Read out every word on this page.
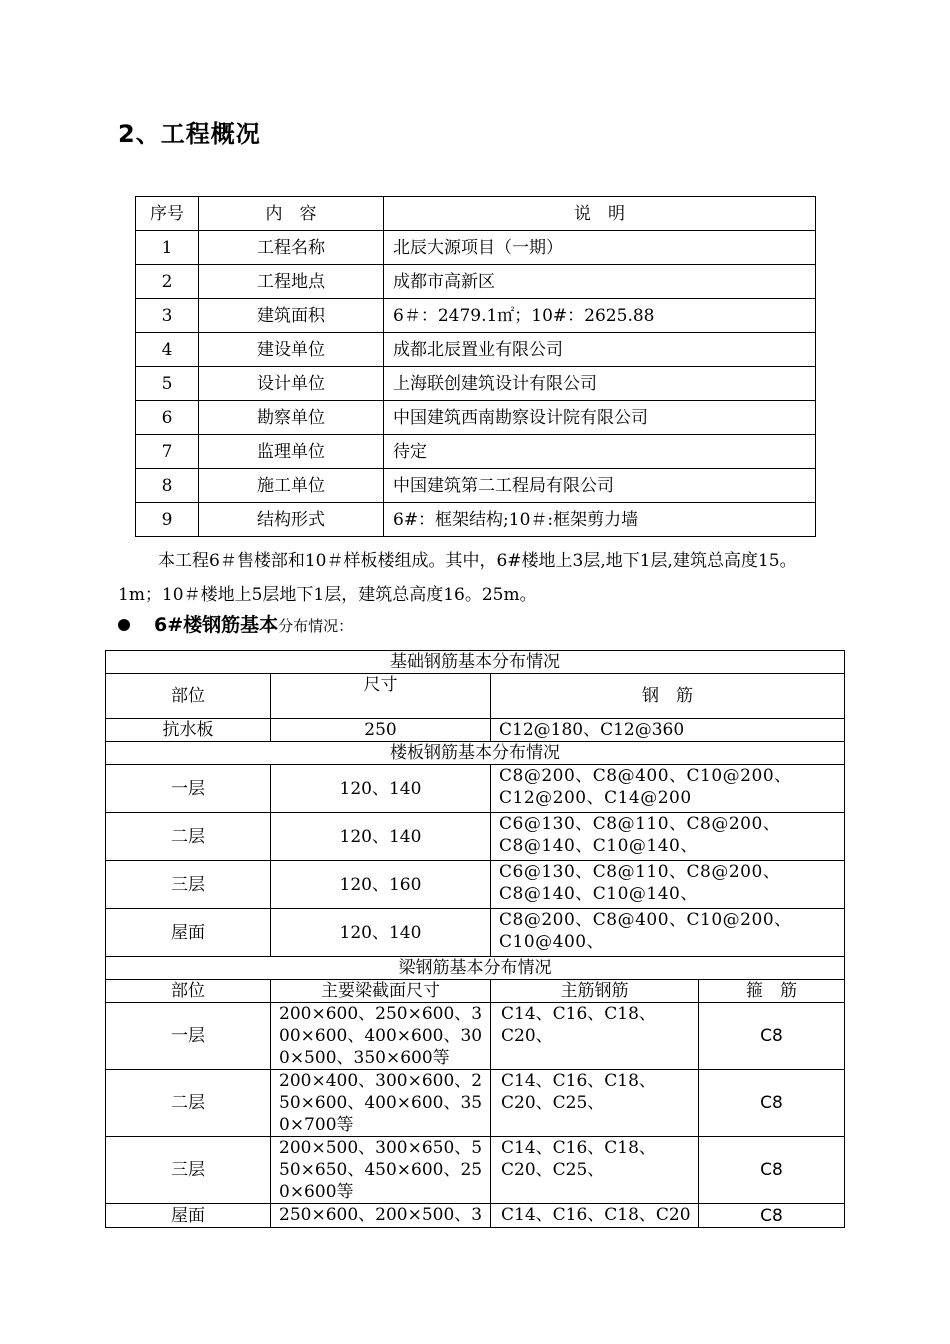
2、工程概况
序号	内　容	说　明
1	工程名称	北辰大源项目（一期）
2	工程地点	成都市高新区
3	建筑面积	6＃：2479.1㎡；10#：2625.88
4	建设单位	成都北辰置业有限公司
5	设计单位	上海联创建筑设计有限公司
6	勘察单位	中国建筑西南勘察设计院有限公司
7	监理单位	待定
8	施工单位	中国建筑第二工程局有限公司
9	结构形式	6#：框架结构;10＃:框架剪力墙

本工程6＃售楼部和10＃样板楼组成。其中，6#楼地上3层,地下1层,建筑总高度15。1m；10＃楼地上5层地下1层，建筑总高度16。25m。

6#楼钢筋基本分布情况：
基础钢筋基本分布情况			
部位	尺寸	钢　筋	
抗水板	250	C12@180、C12@360	
楼板钢筋基本分布情况			
一层	120、140	C8@200、C8@400、C10@200、C12@200、C14@200	
二层	120、140	C6@130、C8@110、C8@200、C8@140、C10@140、	
三层	120、160	C6@130、C8@110、C8@200、C8@140、C10@140、	
屋面	120、140	C8@200、C8@400、C10@200、C10@400、	
梁钢筋基本分布情况			
部位	主要梁截面尺寸	主筋钢筋	箍　筋
一层	200×600、250×600、300×600、400×600、300×500、350×600等	C14、C16、C18、C20、	C8
二层	200×400、300×600、250×600、400×600、350×700等	C14、C16、C18、C20、C25、	C8
三层	200×500、300×650、550×650、450×600、250×600等	C14、C16、C18、C20、C25、	C8
屋面	250×600、200×500、3	C14、C16、C18、C20	C8
